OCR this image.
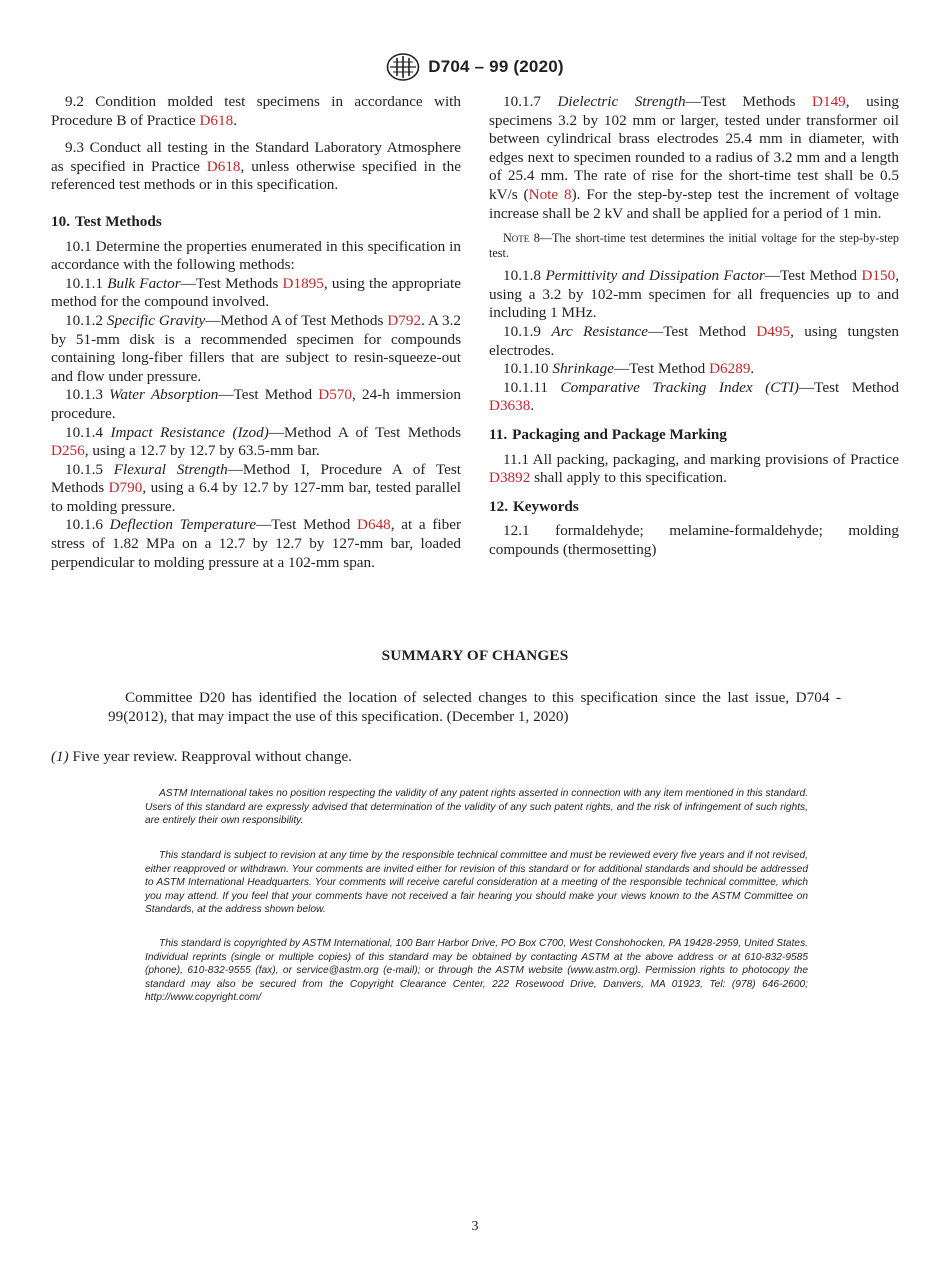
D704 – 99 (2020)

9.2 Condition molded test specimens in accordance with Procedure B of Practice D618.

9.3 Conduct all testing in the Standard Laboratory Atmosphere as specified in Practice D618, unless otherwise specified in the referenced test methods or in this specification.

10. Test Methods

10.1 Determine the properties enumerated in this specification in accordance with the following methods:

10.1.1 Bulk Factor—Test Methods D1895, using the appropriate method for the compound involved.

10.1.2 Specific Gravity—Method A of Test Methods D792. A 3.2 by 51-mm disk is a recommended specimen for compounds containing long-fiber fillers that are subject to resin-squeeze-out and flow under pressure.

10.1.3 Water Absorption—Test Method D570, 24-h immersion procedure.

10.1.4 Impact Resistance (Izod)—Method A of Test Methods D256, using a 12.7 by 12.7 by 63.5-mm bar.

10.1.5 Flexural Strength—Method I, Procedure A of Test Methods D790, using a 6.4 by 12.7 by 127-mm bar, tested parallel to molding pressure.

10.1.6 Deflection Temperature—Test Method D648, at a fiber stress of 1.82 MPa on a 12.7 by 12.7 by 127-mm bar, loaded perpendicular to molding pressure at a 102-mm span.

10.1.7 Dielectric Strength—Test Methods D149, using specimens 3.2 by 102 mm or larger, tested under transformer oil between cylindrical brass electrodes 25.4 mm in diameter, with edges next to specimen rounded to a radius of 3.2 mm and a length of 25.4 mm. The rate of rise for the short-time test shall be 0.5 kV/s (Note 8). For the step-by-step test the increment of voltage increase shall be 2 kV and shall be applied for a period of 1 min.

Note 8—The short-time test determines the initial voltage for the step-by-step test.

10.1.8 Permittivity and Dissipation Factor—Test Method D150, using a 3.2 by 102-mm specimen for all frequencies up to and including 1 MHz.

10.1.9 Arc Resistance—Test Method D495, using tungsten electrodes.

10.1.10 Shrinkage—Test Method D6289.

10.1.11 Comparative Tracking Index (CTI)—Test Method D3638.

11. Packaging and Package Marking

11.1 All packing, packaging, and marking provisions of Practice D3892 shall apply to this specification.

12. Keywords

12.1 formaldehyde; melamine-formaldehyde; molding compounds (thermosetting)

SUMMARY OF CHANGES

Committee D20 has identified the location of selected changes to this specification since the last issue, D704 - 99(2012), that may impact the use of this specification. (December 1, 2020)

(1) Five year review. Reapproval without change.

ASTM International takes no position respecting the validity of any patent rights asserted in connection with any item mentioned in this standard. Users of this standard are expressly advised that determination of the validity of any such patent rights, and the risk of infringement of such rights, are entirely their own responsibility.

This standard is subject to revision at any time by the responsible technical committee and must be reviewed every five years and if not revised, either reapproved or withdrawn. Your comments are invited either for revision of this standard or for additional standards and should be addressed to ASTM International Headquarters. Your comments will receive careful consideration at a meeting of the responsible technical committee, which you may attend. If you feel that your comments have not received a fair hearing you should make your views known to the ASTM Committee on Standards, at the address shown below.

This standard is copyrighted by ASTM International, 100 Barr Harbor Drive, PO Box C700, West Conshohocken, PA 19428-2959, United States. Individual reprints (single or multiple copies) of this standard may be obtained by contacting ASTM at the above address or at 610-832-9585 (phone), 610-832-9555 (fax), or service@astm.org (e-mail); or through the ASTM website (www.astm.org). Permission rights to photocopy the standard may also be secured from the Copyright Clearance Center, 222 Rosewood Drive, Danvers, MA 01923, Tel: (978) 646-2600; http://www.copyright.com/

3
